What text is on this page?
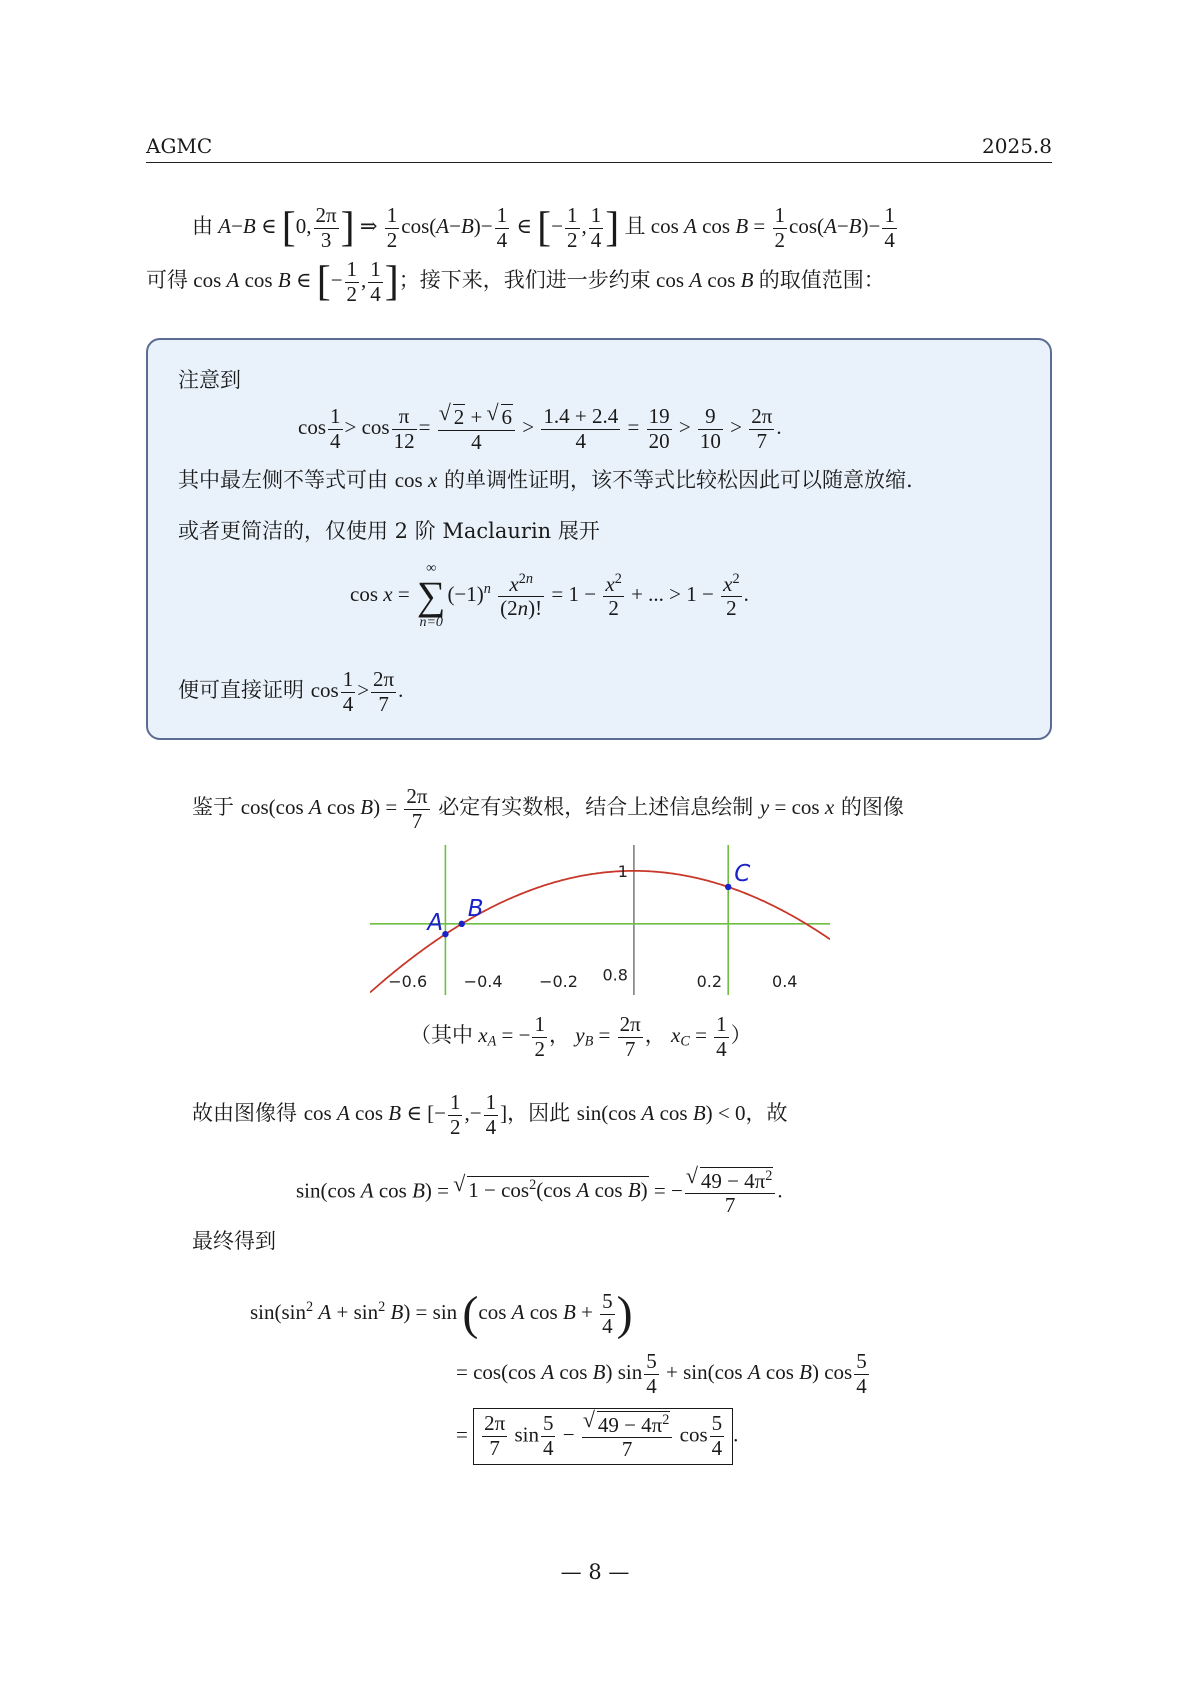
AGMC	2025.8
由 A−B ∈ [0, $\frac{2\pi}{3}$ ] ⇒ $\frac{1}{2} \cos(A-B)- \frac{1}{4}$ ∈ [− $\frac{1}{2}$ , $\frac{1}{4}$ ] 且 cos A $\cos B = \frac{1}{2} \cos(A-B)- \frac{1}{4}$
可得 cos A cos B ∈ [− $\frac{1}{2}$ , $\frac{1}{4}$ ]；接下来，我们进一步约束 cos A cos B 的取值范围：
注意到
$\cos \frac{1}{4} > \cos \frac{\pi}{12}$ = √ $\frac{2 + √ 6}{4} > \frac{1.4 + 2.4}{4} = \frac{19}{20} > \frac{9}{10} > \frac{2\pi}{7}$ .
其中最左侧不等式可由 cos x 的单调性证明，该不等式比较松因此可以随意放缩.
或者更简洁的，仅使用 2 阶 Maclaurin 展开
cos x =
∞
∑
n=0
$(-1)^n \frac{x^{2n}}{(2n)!} = 1 - \frac{x^2}{2}$ + ... > $1 - \frac{x^2}{2}$ .
便可直接证明 $\cos \frac{1}{4} > \frac{2\pi}{7}$ .
鉴于 cos(cos A $\cos B) = \frac{2\pi}{7}$ 必定有实数根，结合上述信息绘制 y = cos x 的图像
−0.6 −0.4 −0.2	0.2	0.4
0.8
1
A
B
C
（其中 $x_A$ = − $\frac{1}{2}$ ， $y_B = \frac{2\pi}{7}$ ， $x_C = \frac{1}{4}$ ）
故由图像得 cos A cos B ∈ [− $\frac{1}{2}$ ,− $\frac{1}{4}$ ]，因此 sin(cos A cos B) < 0，故
sin(cos A cos B) = √ $1 - \cos^2(\cos$ A cos B) = − √ $\frac{49 - 4\pi^2}{7}$ .
最终得到
$\sin(\sin^2$ $A + \sin^2 B) = \sin (\cos$ A $\cos B + \frac{5}{4}$ )
= cos(cos A cos B) $\sin \frac{5}{4} + \sin(\cos$ A cos B) $\cos \frac{5}{4}$
= $\frac{2\pi}{7}$ $\sin \frac{5}{4}$ − √ $\frac{49 - 4\pi^2}{7}$ $\cos \frac{5}{4}$ .
— 8 —
